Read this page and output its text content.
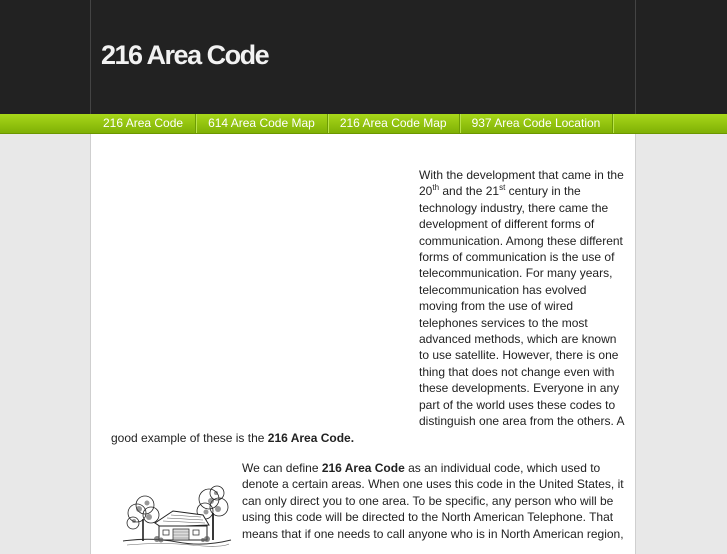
216 Area Code
216 Area Code	614 Area Code Map	216 Area Code Map	937 Area Code Location

With the development that came in the 20th and the 21st century in the technology industry, there came the development of different forms of communication. Among these different forms of communication is the use of telecommunication. For many years, telecommunication has evolved moving from the use of wired telephones services to the most advanced methods, which are known to use satellite. However, there is one thing that does not change even with these developments. Everyone in any part of the world uses these codes to distinguish one area from the others. A good example of these is the 216 Area Code.

We can define 216 Area Code as an individual code, which used to denote a certain areas. When one uses this code in the United States, it can only direct you to one area. To be specific, any person who will be using this code will be directed to the North American Telephone. That means that if one needs to call anyone who is in North American region,
